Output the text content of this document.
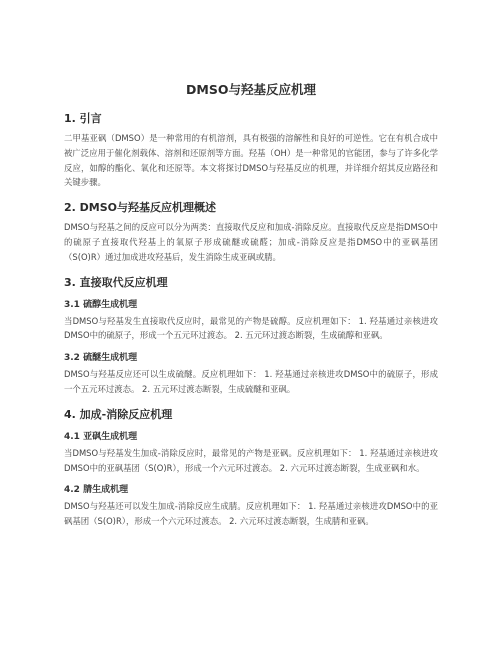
DMSO与羟基反应机理
1. 引言

二甲基亚砜（DMSO）是一种常用的有机溶剂，具有极强的溶解性和良好的可逆性。它在有机合成中被广泛应用于催化剂载体、溶剂和还原剂等方面。羟基（OH）是一种常见的官能团，参与了许多化学反应，如醇的酯化、氧化和还原等。本文将探讨DMSO与羟基反应的机理，并详细介绍其反应路径和关键步骤。

2. DMSO与羟基反应机理概述

DMSO与羟基之间的反应可以分为两类：直接取代反应和加成-消除反应。直接取代反应是指DMSO中的硫原子直接取代羟基上的氧原子形成硫醚或硫醛；加成-消除反应是指DMSO中的亚砜基团（S(O)R）通过加成进攻羟基后，发生消除生成亚砜或腈。

3. 直接取代反应机理
3.1 硫醇生成机理

当DMSO与羟基发生直接取代反应时，最常见的产物是硫醇。反应机理如下： 1. 羟基通过亲核进攻DMSO中的硫原子，形成一个五元环过渡态。 2. 五元环过渡态断裂，生成硫醇和亚砜。

3.2 硫醚生成机理

DMSO与羟基反应还可以生成硫醚。反应机理如下： 1. 羟基通过亲核进攻DMSO中的硫原子，形成一个五元环过渡态。 2. 五元环过渡态断裂，生成硫醚和亚砜。

4. 加成-消除反应机理
4.1 亚砜生成机理

当DMSO与羟基发生加成-消除反应时，最常见的产物是亚砜。反应机理如下： 1. 羟基通过亲核进攻DMSO中的亚砜基团（S(O)R），形成一个六元环过渡态。 2. 六元环过渡态断裂，生成亚砜和水。

4.2 腈生成机理

DMSO与羟基还可以发生加成-消除反应生成腈。反应机理如下： 1. 羟基通过亲核进攻DMSO中的亚砜基团（S(O)R），形成一个六元环过渡态。 2. 六元环过渡态断裂，生成腈和亚砜。
